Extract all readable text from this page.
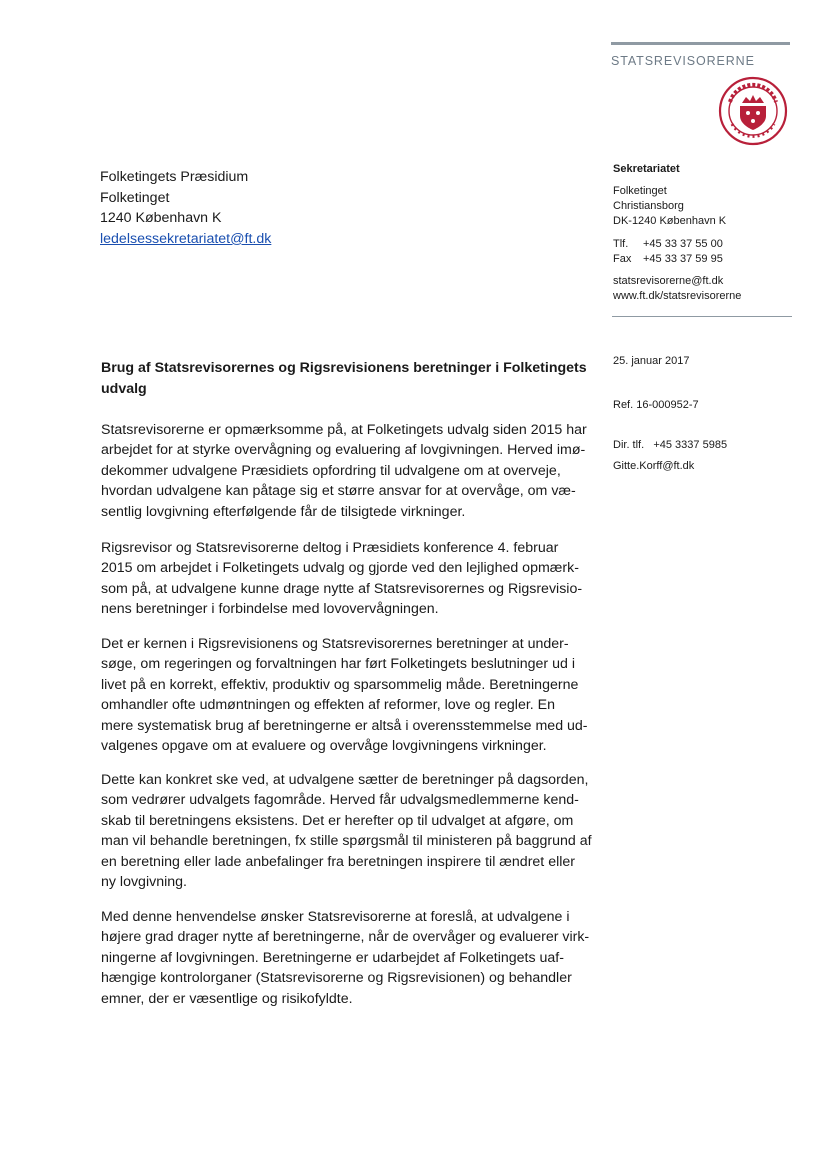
STATSREVISORERNE
Folketingets Præsidium
Folketinget
1240 København K
ledelsessekretariatet@ft.dk
Sekretariatet
Folketinget
Christiansborg
DK-1240 København K
Tlf. +45 33 37 55 00
Fax +45 33 37 59 95
statsrevisorerne@ft.dk
www.ft.dk/statsrevisorerne
25. januar 2017
Ref. 16-000952-7
Dir. tlf. +45 3337 5985
Gitte.Korff@ft.dk
Brug af Statsrevisorernes og Rigsrevisionens beretninger i Folketingets
udvalg
Statsrevisorerne er opmærksomme på, at Folketingets udvalg siden 2015 har
arbejdet for at styrke overvågning og evaluering af lovgivningen. Herved imø-
dekommer udvalgene Præsidiets opfordring til udvalgene om at overveje,
hvordan udvalgene kan påtage sig et større ansvar for at overvåge, om væ-
sentlig lovgivning efterfølgende får de tilsigtede virkninger.
Rigsrevisor og Statsrevisorerne deltog i Præsidiets konference 4. februar
2015 om arbejdet i Folketingets udvalg og gjorde ved den lejlighed opmærk-
som på, at udvalgene kunne drage nytte af Statsrevisorernes og Rigsrevisio-
nens beretninger i forbindelse med lovovervågningen.
Det er kernen i Rigsrevisionens og Statsrevisorernes beretninger at under-
søge, om regeringen og forvaltningen har ført Folketingets beslutninger ud i
livet på en korrekt, effektiv, produktiv og sparsommelig måde. Beretningerne
omhandler ofte udmøntningen og effekten af reformer, love og regler. En
mere systematisk brug af beretningerne er altså i overensstemmelse med ud-
valgenes opgave om at evaluere og overvåge lovgivningens virkninger.
Dette kan konkret ske ved, at udvalgene sætter de beretninger på dagsorden,
som vedrører udvalgets fagområde. Herved får udvalgsmedlemmerne kend-
skab til beretningens eksistens. Det er herefter op til udvalget at afgøre, om
man vil behandle beretningen, fx stille spørgsmål til ministeren på baggrund af
en beretning eller lade anbefalinger fra beretningen inspirere til ændret eller
ny lovgivning.
Med denne henvendelse ønsker Statsrevisorerne at foreslå, at udvalgene i
højere grad drager nytte af beretningerne, når de overvåger og evaluerer virk-
ningerne af lovgivningen. Beretningerne er udarbejdet af Folketingets uaf-
hængige kontrolorganer (Statsrevisorerne og Rigsrevisionen) og behandler
emner, der er væsentlige og risikofyldte.
